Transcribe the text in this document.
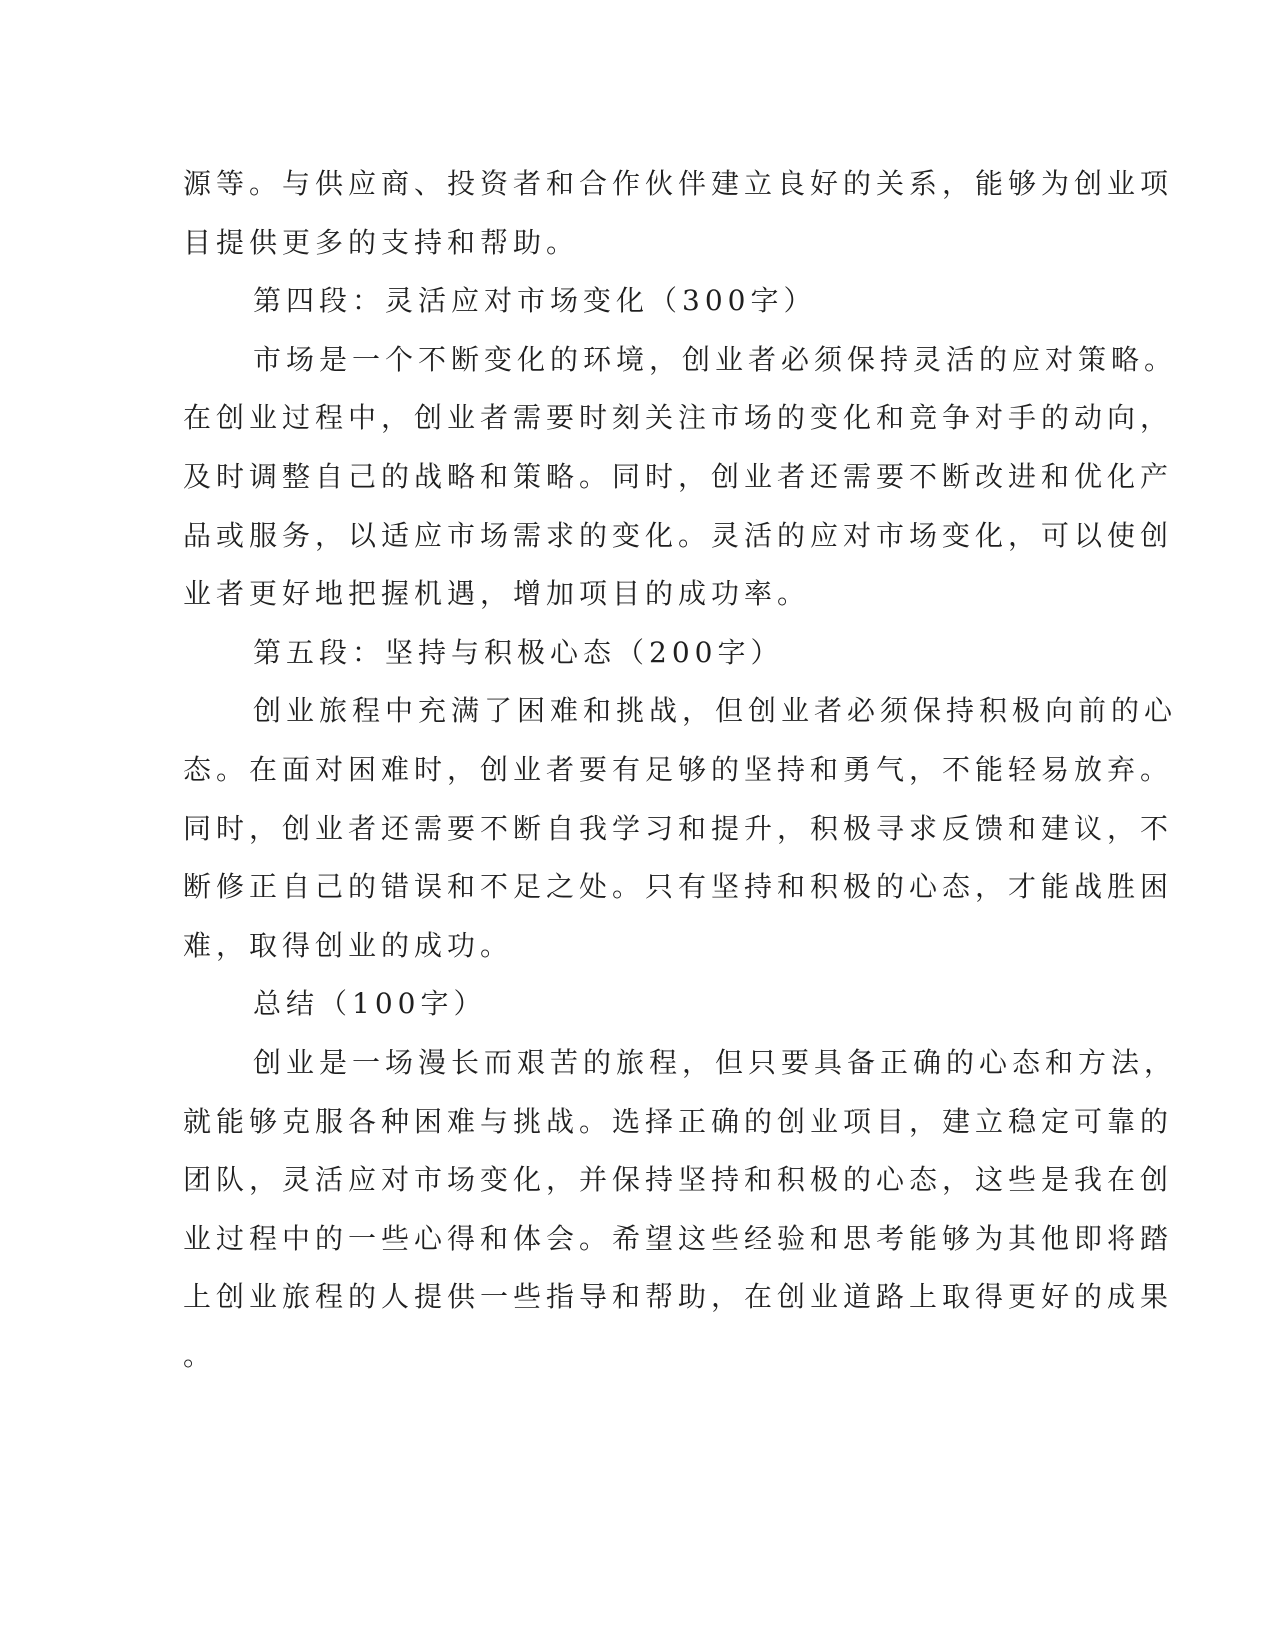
源等。与供应商、投资者和合作伙伴建立良好的关系，能够为创业项
目提供更多的支持和帮助。
第四段：灵活应对市场变化（300字）
市场是一个不断变化的环境，创业者必须保持灵活的应对策略。
在创业过程中，创业者需要时刻关注市场的变化和竞争对手的动向，
及时调整自己的战略和策略。同时，创业者还需要不断改进和优化产
品或服务，以适应市场需求的变化。灵活的应对市场变化，可以使创
业者更好地把握机遇，增加项目的成功率。
第五段：坚持与积极心态（200字）
创业旅程中充满了困难和挑战，但创业者必须保持积极向前的心
态。在面对困难时，创业者要有足够的坚持和勇气，不能轻易放弃。
同时，创业者还需要不断自我学习和提升，积极寻求反馈和建议，不
断修正自己的错误和不足之处。只有坚持和积极的心态，才能战胜困
难，取得创业的成功。
总结（100字）
创业是一场漫长而艰苦的旅程，但只要具备正确的心态和方法，
就能够克服各种困难与挑战。选择正确的创业项目，建立稳定可靠的
团队，灵活应对市场变化，并保持坚持和积极的心态，这些是我在创
业过程中的一些心得和体会。希望这些经验和思考能够为其他即将踏
上创业旅程的人提供一些指导和帮助，在创业道路上取得更好的成果
。
